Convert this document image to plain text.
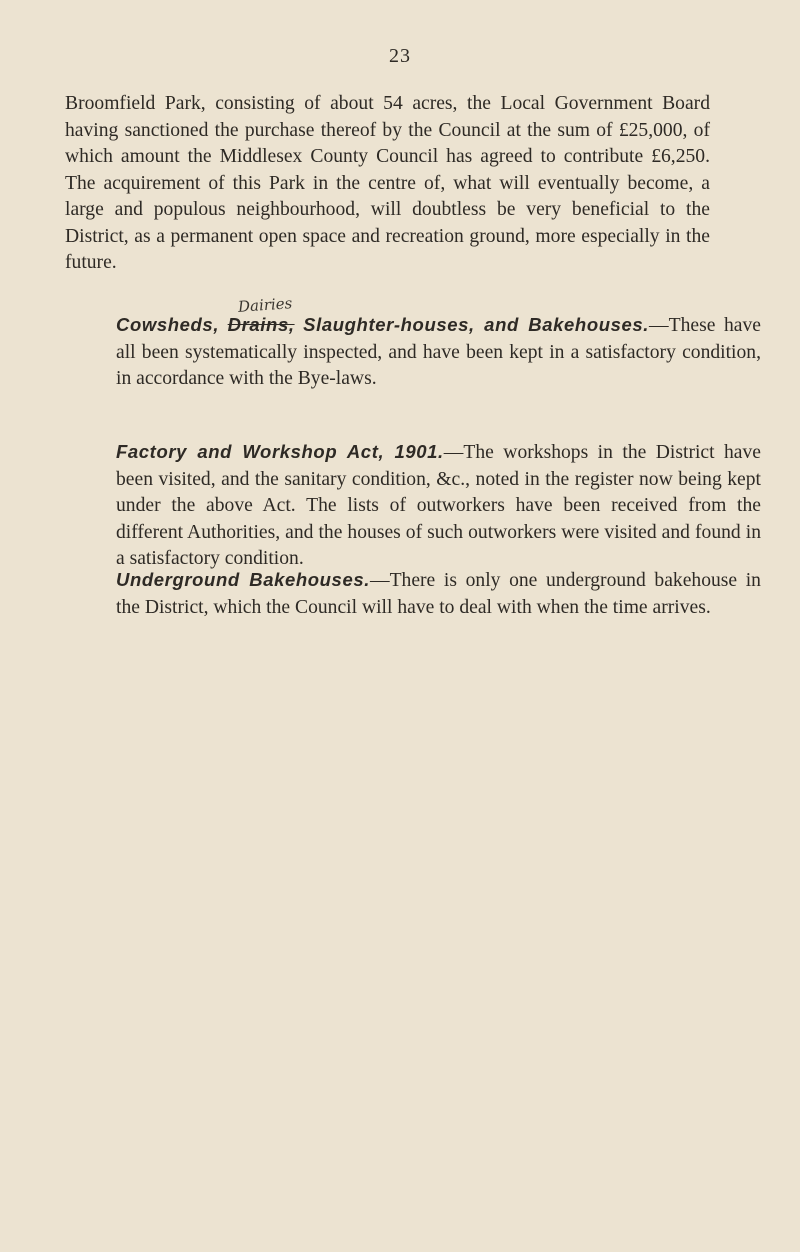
23
Dairies
Broomfield Park, consisting of about 54 acres, the Local Government Board having sanctioned the purchase thereof by the Council at the sum of £25,000, of which amount the Middlesex County Council has agreed to contribute £6,250. The acquirement of this Park in the centre of, what will eventually become, a large and populous neighbourhood, will doubtless be very beneficial to the District, as a permanent open space and recreation ground, more especially in the future.
Cowsheds, Drains, Slaughter-houses, and Bakehouses.—These have all been systematically inspected, and have been kept in a satisfactory condition, in accordance with the Bye-laws.
Factory and Workshop Act, 1901.—The workshops in the District have been visited, and the sanitary condition, &c., noted in the register now being kept under the above Act. The lists of outworkers have been received from the different Authorities, and the houses of such outworkers were visited and found in a satisfactory condition.
Underground Bakehouses.—There is only one underground bakehouse in the District, which the Council will have to deal with when the time arrives.
